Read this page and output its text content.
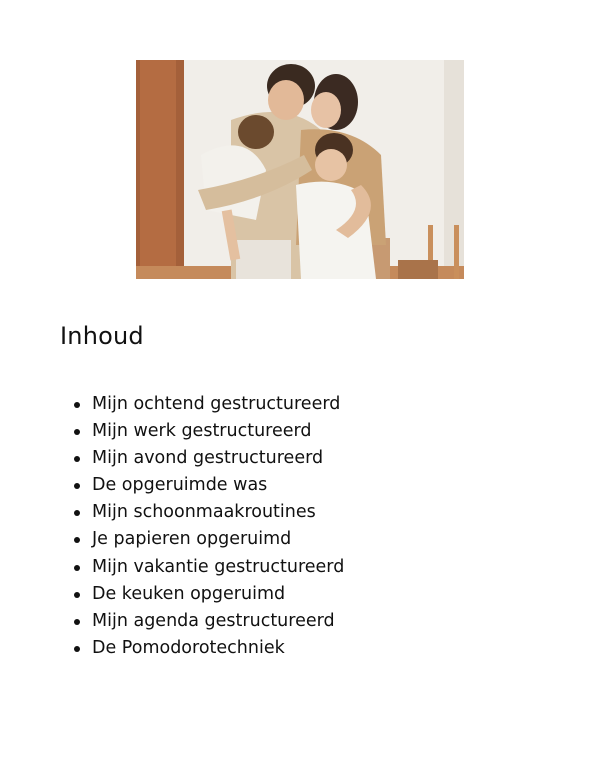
Inhoud
Mijn ochtend gestructureerd
Mijn werk gestructureerd
Mijn avond gestructureerd
De opgeruimde was
Mijn schoonmaakroutines
Je papieren opgeruimd
Mijn vakantie gestructureerd
De keuken opgeruimd
Mijn agenda gestructureerd
De Pomodorotechniek
